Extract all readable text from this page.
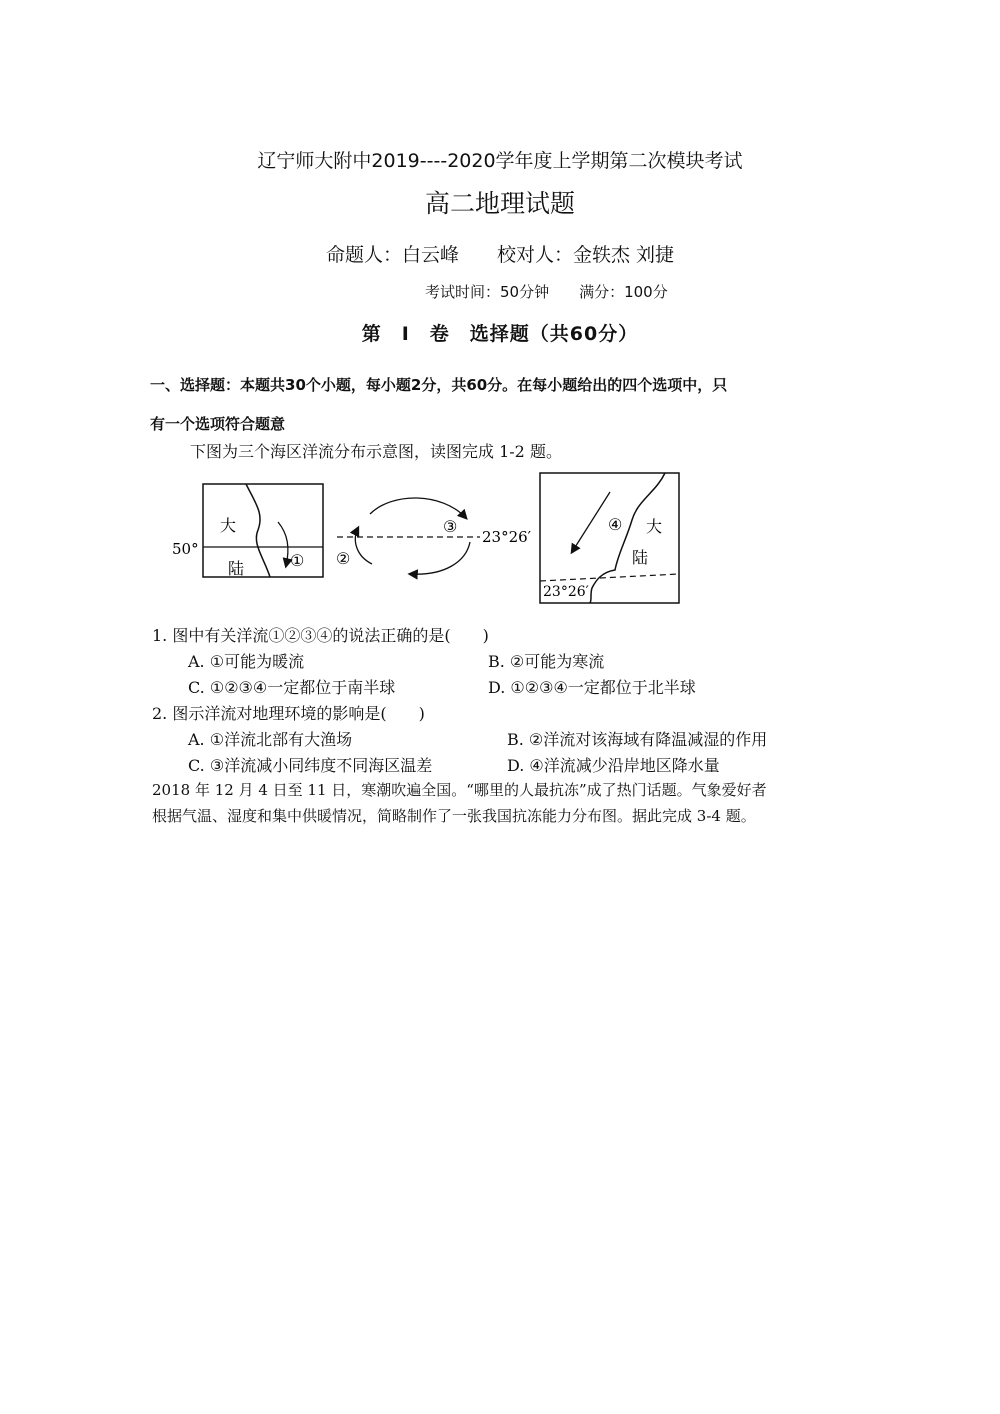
辽宁师大附中2019----2020学年度上学期第二次模块考试
高二地理试题
命题人：白云峰　　校对人：金轶杰 刘捷
考试时间：50分钟　　满分：100分
第　Ⅰ　卷　选择题（共60分）
一、选择题：本题共30个小题，每小题2分，共60分。在每小题给出的四个选项中，只
有一个选项符合题意
下图为三个海区洋流分布示意图，读图完成 1-2 题。
大
陆
50°
① ②
③
23°26′
④ 大
陆
23°26′
1. 图中有关洋流①②③④的说法正确的是(　　)
A. ①可能为暖流	B. ②可能为寒流
C. ①②③④一定都位于南半球	D. ①②③④一定都位于北半球
2. 图示洋流对地理环境的影响是(　　)
A. ①洋流北部有大渔场	B. ②洋流对该海域有降温减湿的作用
C. ③洋流减小同纬度不同海区温差	D. ④洋流减少沿岸地区降水量
2018 年 12 月 4 日至 11 日，寒潮吹遍全国。“哪里的人最抗冻”成了热门话题。气象爱好者
根据气温、湿度和集中供暖情况，简略制作了一张我国抗冻能力分布图。据此完成 3-4 题。
